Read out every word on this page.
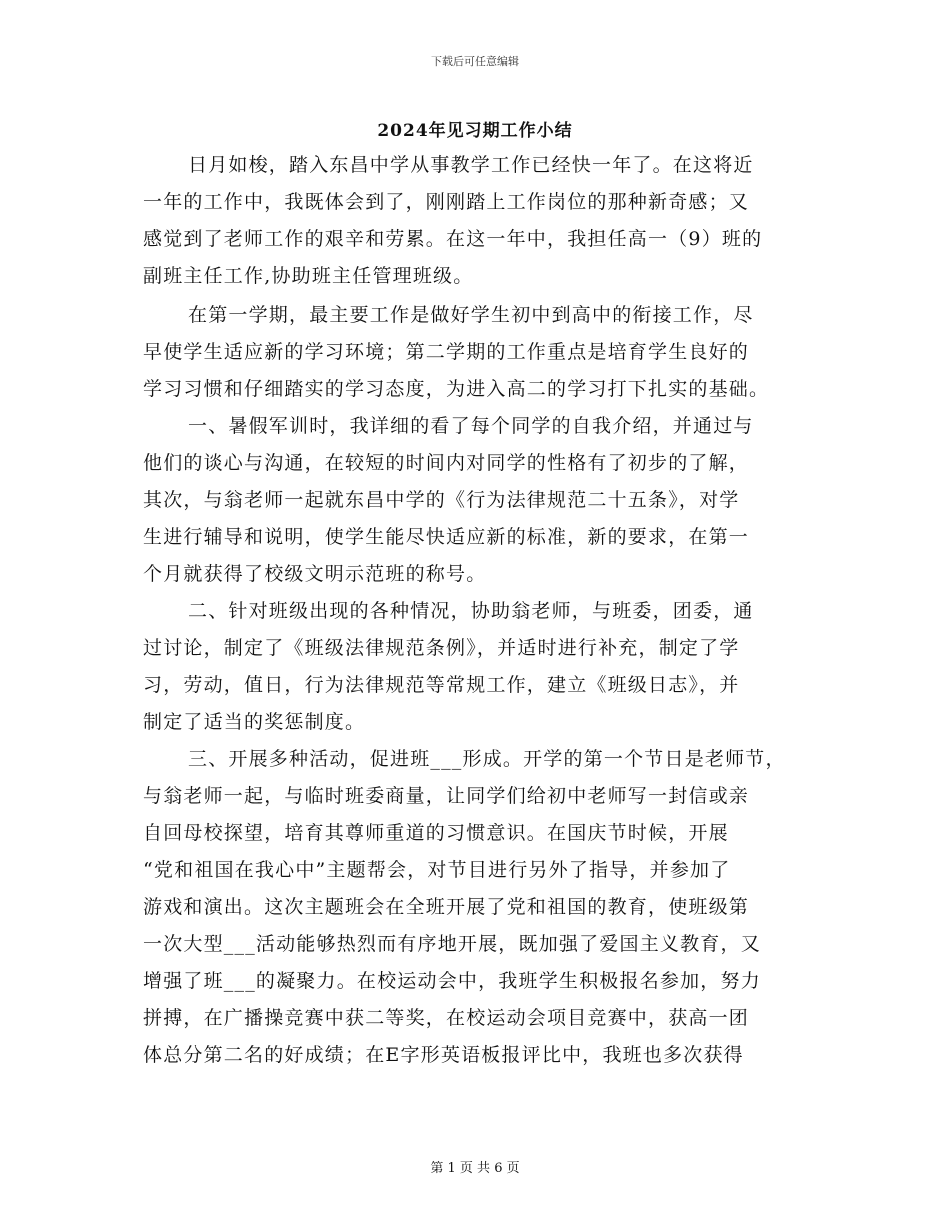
下载后可任意编辑
2024年见习期工作小结
日月如梭，踏入东昌中学从事教学工作已经快一年了。在这将近
一年的工作中，我既体会到了，刚刚踏上工作岗位的那种新奇感；又
感觉到了老师工作的艰辛和劳累。在这一年中，我担任高一（9）班的
副班主任工作,协助班主任管理班级。
在第一学期，最主要工作是做好学生初中到高中的衔接工作，尽
早使学生适应新的学习环境；第二学期的工作重点是培育学生良好的
学习习惯和仔细踏实的学习态度，为进入高二的学习打下扎实的基础。
一、暑假军训时，我详细的看了每个同学的自我介绍，并通过与
他们的谈心与沟通，在较短的时间内对同学的性格有了初步的了解，
其次，与翁老师一起就东昌中学的《行为法律规范二十五条》，对学
生进行辅导和说明，使学生能尽快适应新的标准，新的要求，在第一
个月就获得了校级文明示范班的称号。
二、针对班级出现的各种情况，协助翁老师，与班委，团委，通
过讨论，制定了《班级法律规范条例》，并适时进行补充，制定了学
习，劳动，值日，行为法律规范等常规工作，建立《班级日志》，并
制定了适当的奖惩制度。
三、开展多种活动，促进班___形成。开学的第一个节日是老师节，
与翁老师一起，与临时班委商量，让同学们给初中老师写一封信或亲
自回母校探望，培育其尊师重道的习惯意识。在国庆节时候，开展
“党和祖国在我心中”主题帮会，对节目进行另外了指导，并参加了
游戏和演出。这次主题班会在全班开展了党和祖国的教育，使班级第
一次大型___活动能够热烈而有序地开展，既加强了爱国主义教育，又
增强了班___的凝聚力。在校运动会中，我班学生积极报名参加，努力
拼搏，在广播操竞赛中获二等奖，在校运动会项目竞赛中，获高一团
体总分第二名的好成绩；在E字形英语板报评比中，我班也多次获得
第 1 页 共 6 页
